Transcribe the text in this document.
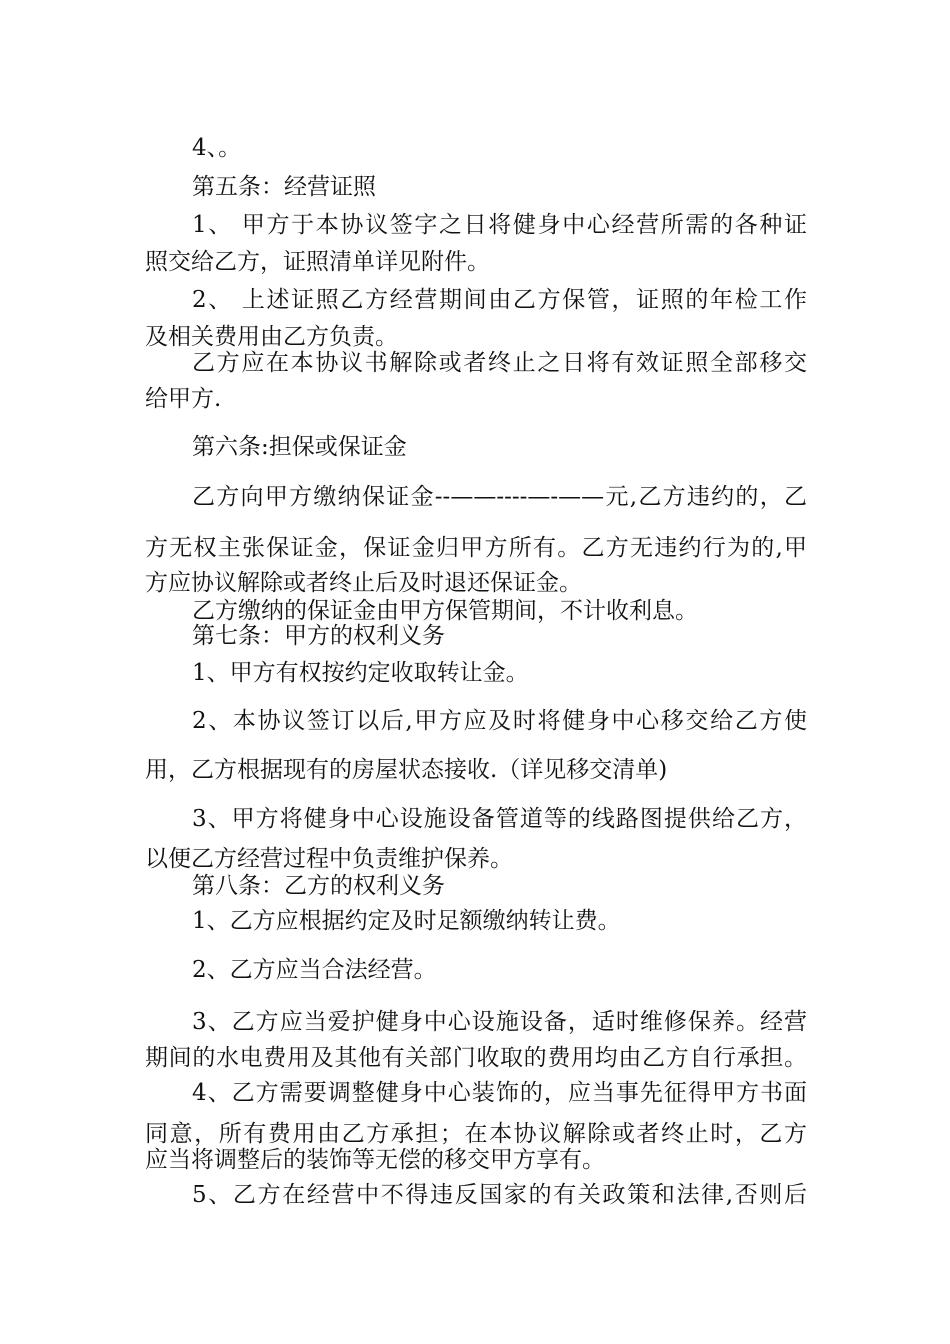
4、。
第五条：经营证照
1、 甲方于本协议签字之日将健身中心经营所需的各种证
照交给乙方，证照清单详见附件。
2、 上述证照乙方经营期间由乙方保管，证照的年检工作
及相关费用由乙方负责。
乙方应在本协议书解除或者终止之日将有效证照全部移交
给甲方.
第六条:担保或保证金
乙方向甲方缴纳保证金--——----—-——元,乙方违约的，乙
方无权主张保证金，保证金归甲方所有。乙方无违约行为的,甲
方应协议解除或者终止后及时退还保证金。
乙方缴纳的保证金由甲方保管期间，不计收利息。
第七条：甲方的权利义务
1、甲方有权按约定收取转让金。
2、本协议签订以后,甲方应及时将健身中心移交给乙方使
用，乙方根据现有的房屋状态接收.（详见移交清单)
3、甲方将健身中心设施设备管道等的线路图提供给乙方，
以便乙方经营过程中负责维护保养。
第八条：乙方的权利义务
1、乙方应根据约定及时足额缴纳转让费。
2、乙方应当合法经营。
3、乙方应当爱护健身中心设施设备，适时维修保养。经营
期间的水电费用及其他有关部门收取的费用均由乙方自行承担。
4、乙方需要调整健身中心装饰的，应当事先征得甲方书面
同意，所有费用由乙方承担；在本协议解除或者终止时，乙方
应当将调整后的装饰等无偿的移交甲方享有。
5、乙方在经营中不得违反国家的有关政策和法律,否则后
